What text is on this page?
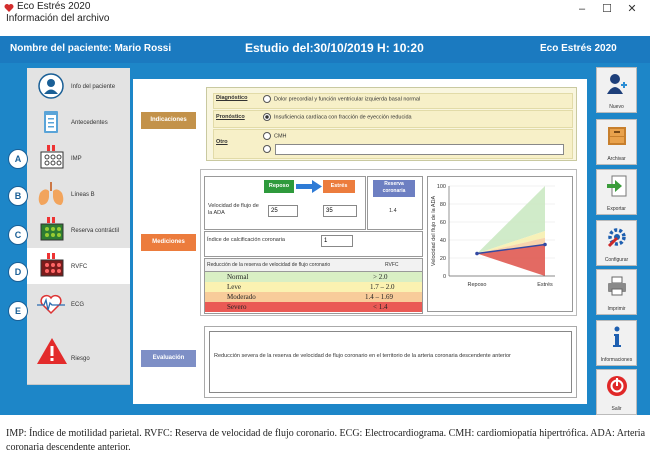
Eco Estrés 2020
Información del archivo
–	☐	✕
Nombre del paciente: Mario Rossi	Estudio del:30/10/2019 H: 10:20	Eco Estrés 2020
Info del paciente
Antecedentes
IMP
Líneas B
Reserva contráctil
RVFC
ECG
Riesgo
A
B
C
D
E
Indicaciones
Diagnóstico	Dolor precordial y función ventricular izquierda basal normal
Pronóstico	Insuficiencia cardíaca con fracción de eyección reducida
Otro
CMH
Mediciones
Reposo	Estrés	Reserva coronaria
Velocidad de flujo de la ADA	25	35	1.4
Índice de calcificación coronaria	1
Reducción de la reserva de velocidad de flujo coronario	RVFC
Normal	> 2.0
Leve	1.7 – 2.0
Moderado	1.4 – 1.69
Severo	< 1.4
0
20
40
60
80
100
Reposo	Estrés
Velocidad del flujo de la ADA
Evaluación	Reducción severa de la reserva de velocidad de flujo coronario en el territorio de la arteria coronaria descendente anterior
Nuevo
Archivar
Exportar
Configurar
Imprimir
Informaciones
Salir
IMP: Índice de motilidad parietal. RVFC: Reserva de velocidad de flujo coronario. ECG: Electrocardiograma. CMH: cardiomiopatía hipertrófica. ADA: Arteria coronaria descendente anterior.
